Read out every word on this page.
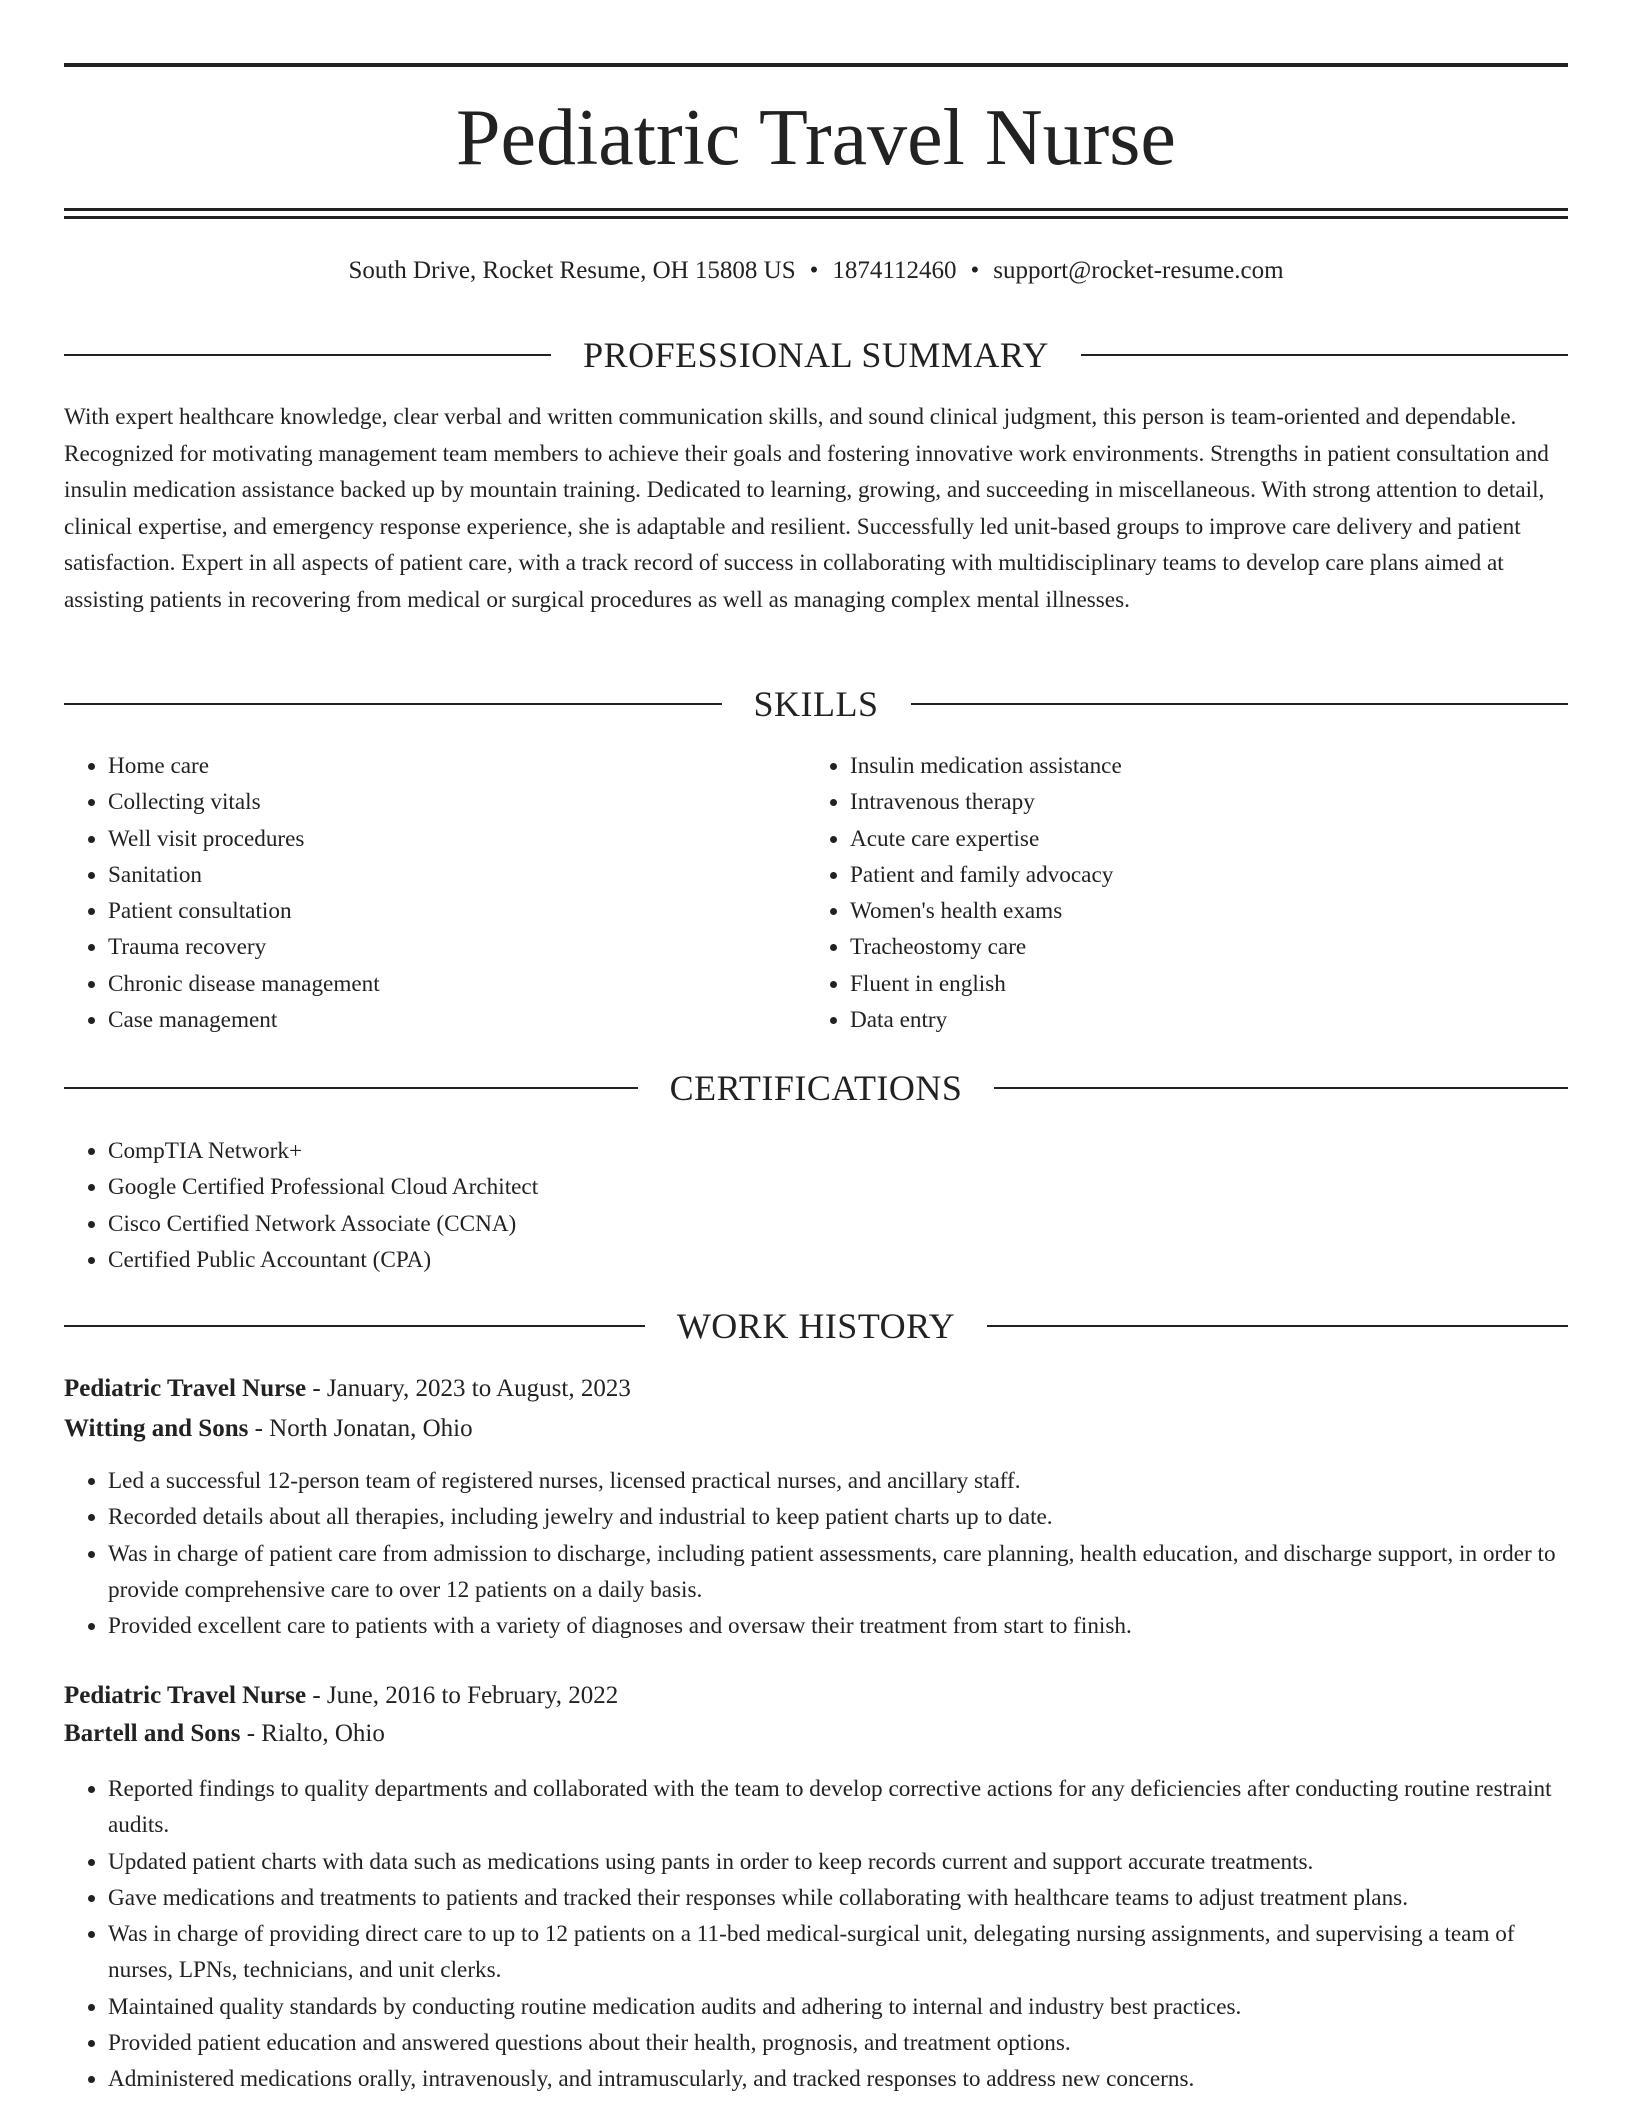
Pediatric Travel Nurse
South Drive, Rocket Resume, OH 15808 US • 1874112460 • support@rocket-resume.com
PROFESSIONAL SUMMARY

With expert healthcare knowledge, clear verbal and written communication skills, and sound clinical judgment, this person is team-oriented and dependable. Recognized for motivating management team members to achieve their goals and fostering innovative work environments. Strengths in patient consultation and insulin medication assistance backed up by mountain training. Dedicated to learning, growing, and succeeding in miscellaneous. With strong attention to detail, clinical expertise, and emergency response experience, she is adaptable and resilient. Successfully led unit-based groups to improve care delivery and patient satisfaction. Expert in all aspects of patient care, with a track record of success in collaborating with multidisciplinary teams to develop care plans aimed at assisting patients in recovering from medical or surgical procedures as well as managing complex mental illnesses.

SKILLS
• Home care
• Collecting vitals
• Well visit procedures
• Sanitation
• Patient consultation
• Trauma recovery
• Chronic disease management
• Case management
• Insulin medication assistance
• Intravenous therapy
• Acute care expertise
• Patient and family advocacy
• Women's health exams
• Tracheostomy care
• Fluent in english
• Data entry
CERTIFICATIONS
• CompTIA Network+
• Google Certified Professional Cloud Architect
• Cisco Certified Network Associate (CCNA)
• Certified Public Accountant (CPA)
WORK HISTORY
Pediatric Travel Nurse - January, 2023 to August, 2023
Witting and Sons - North Jonatan, Ohio
• Led a successful 12-person team of registered nurses, licensed practical nurses, and ancillary staff.
• Recorded details about all therapies, including jewelry and industrial to keep patient charts up to date.
• Was in charge of patient care from admission to discharge, including patient assessments, care planning, health education, and discharge support, in order to provide comprehensive care to over 12 patients on a daily basis.
• Provided excellent care to patients with a variety of diagnoses and oversaw their treatment from start to finish.
Pediatric Travel Nurse - June, 2016 to February, 2022
Bartell and Sons - Rialto, Ohio
• Reported findings to quality departments and collaborated with the team to develop corrective actions for any deficiencies after conducting routine restraint audits.
• Updated patient charts with data such as medications using pants in order to keep records current and support accurate treatments.
• Gave medications and treatments to patients and tracked their responses while collaborating with healthcare teams to adjust treatment plans.
• Was in charge of providing direct care to up to 12 patients on a 11-bed medical-surgical unit, delegating nursing assignments, and supervising a team of nurses, LPNs, technicians, and unit clerks.
• Maintained quality standards by conducting routine medication audits and adhering to internal and industry best practices.
• Provided patient education and answered questions about their health, prognosis, and treatment options.
• Administered medications orally, intravenously, and intramuscularly, and tracked responses to address new concerns.
